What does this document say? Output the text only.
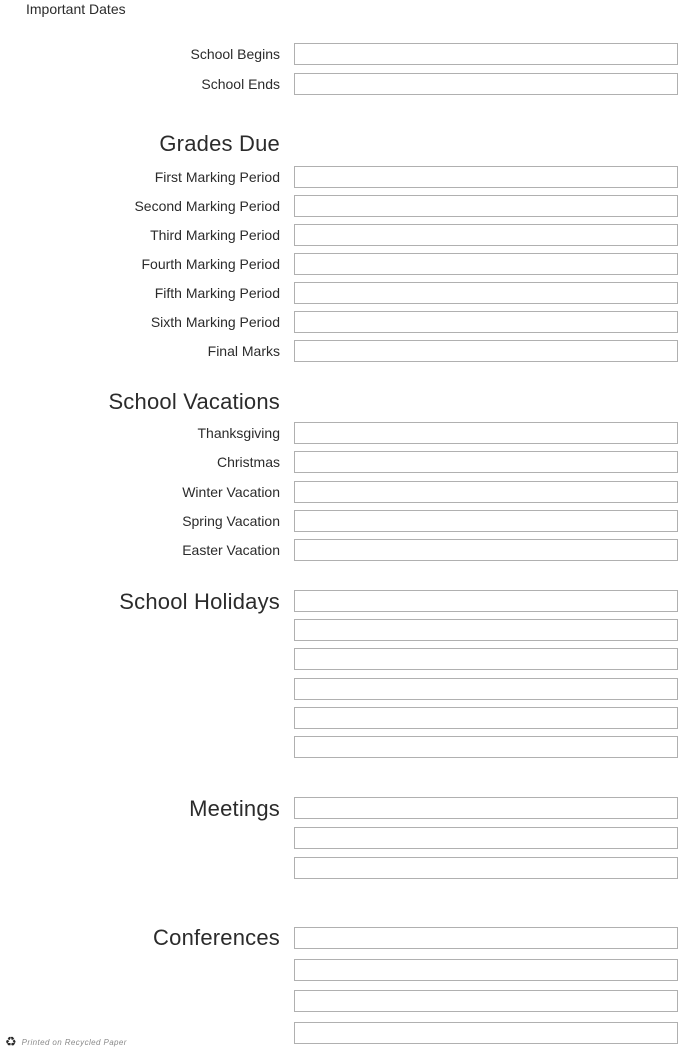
Important Dates
School Begins
School Ends
Grades Due
First Marking Period
Second Marking Period
Third Marking Period
Fourth Marking Period
Fifth Marking Period
Sixth Marking Period
Final Marks
School Vacations
Thanksgiving
Christmas
Winter Vacation
Spring Vacation
Easter Vacation
School Holidays
Meetings
Conferences
♻ Printed on Recycled Paper
